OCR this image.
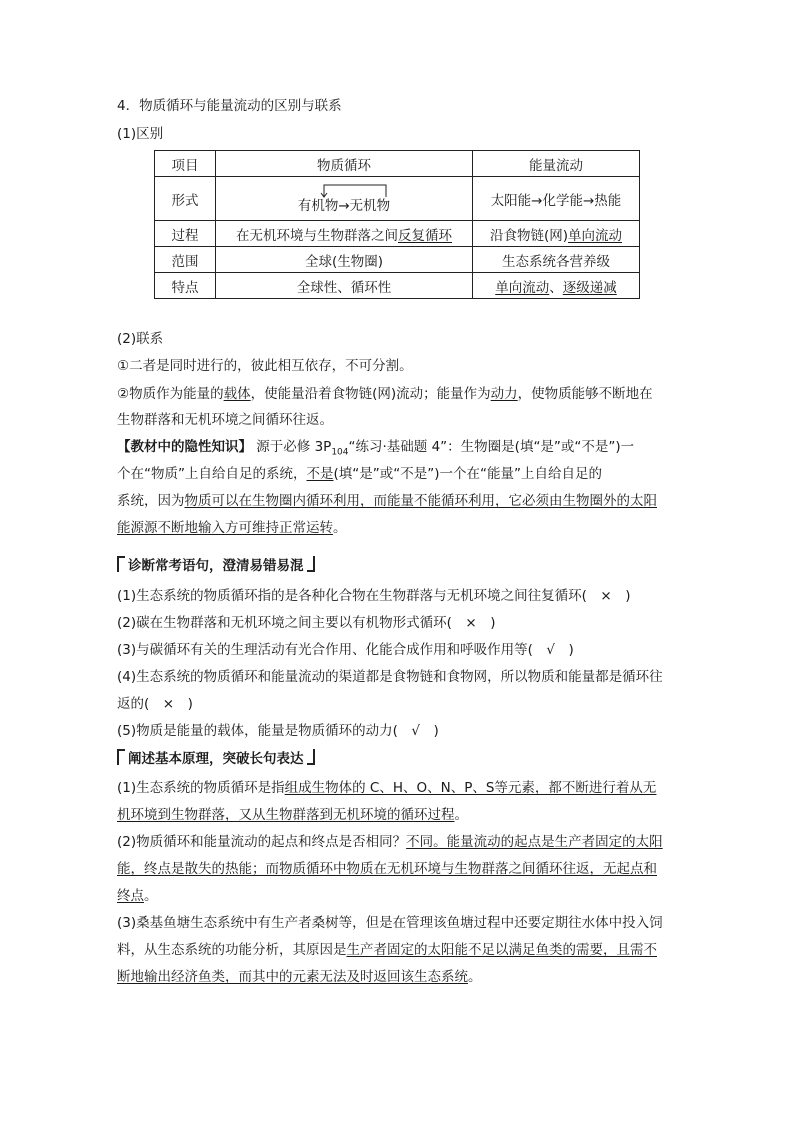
4．物质循环与能量流动的区别与联系
(1)区别
项目	物质循环	能量流动
形式	有机物→无机物	太阳能→化学能→热能
过程	在无机环境与生物群落之间反复循环	沿食物链(网)单向流动
范围	全球(生物圈)	生态系统各营养级
特点	全球性、循环性	单向流动、逐级递减
(2)联系
①二者是同时进行的，彼此相互依存，不可分割。
②物质作为能量的载体，使能量沿着食物链(网)流动；能量作为动力，使物质能够不断地在
生物群落和无机环境之间循环往返。
【教材中的隐性知识】 源于必修 $3P_{104}“$练习·基础题 4”：生物圈是(填“是”或“不是”)一
个在“物质”上自给自足的系统，不是(填“是”或“不是”)一个在“能量”上自给自足的
系统，因为物质可以在生物圈内循环利用，而能量不能循环利用，它必须由生物圈外的太阳
能源源不断地输入方可维持正常运转。
诊断常考语句，澄清易错易混
(1)生态系统的物质循环指的是各种化合物在生物群落与无机环境之间往复循环(　×　)
(2)碳在生物群落和无机环境之间主要以有机物形式循环(　×　)
(3)与碳循环有关的生理活动有光合作用、化能合成作用和呼吸作用等(　√　)
(4)生态系统的物质循环和能量流动的渠道都是食物链和食物网，所以物质和能量都是循环往
返的(　×　)
(5)物质是能量的载体，能量是物质循环的动力(　√　)
阐述基本原理，突破长句表达
(1)生态系统的物质循环是指组成生物体的 C、H、O、N、P、S等元素，都不断进行着从无
机环境到生物群落，又从生物群落到无机环境的循环过程。
(2)物质循环和能量流动的起点和终点是否相同？不同。能量流动的起点是生产者固定的太阳
能，终点是散失的热能；而物质循环中物质在无机环境与生物群落之间循环往返，无起点和
终点。
(3)桑基鱼塘生态系统中有生产者桑树等，但是在管理该鱼塘过程中还要定期往水体中投入饲
料，从生态系统的功能分析，其原因是生产者固定的太阳能不足以满足鱼类的需要，且需不
断地输出经济鱼类，而其中的元素无法及时返回该生态系统。
